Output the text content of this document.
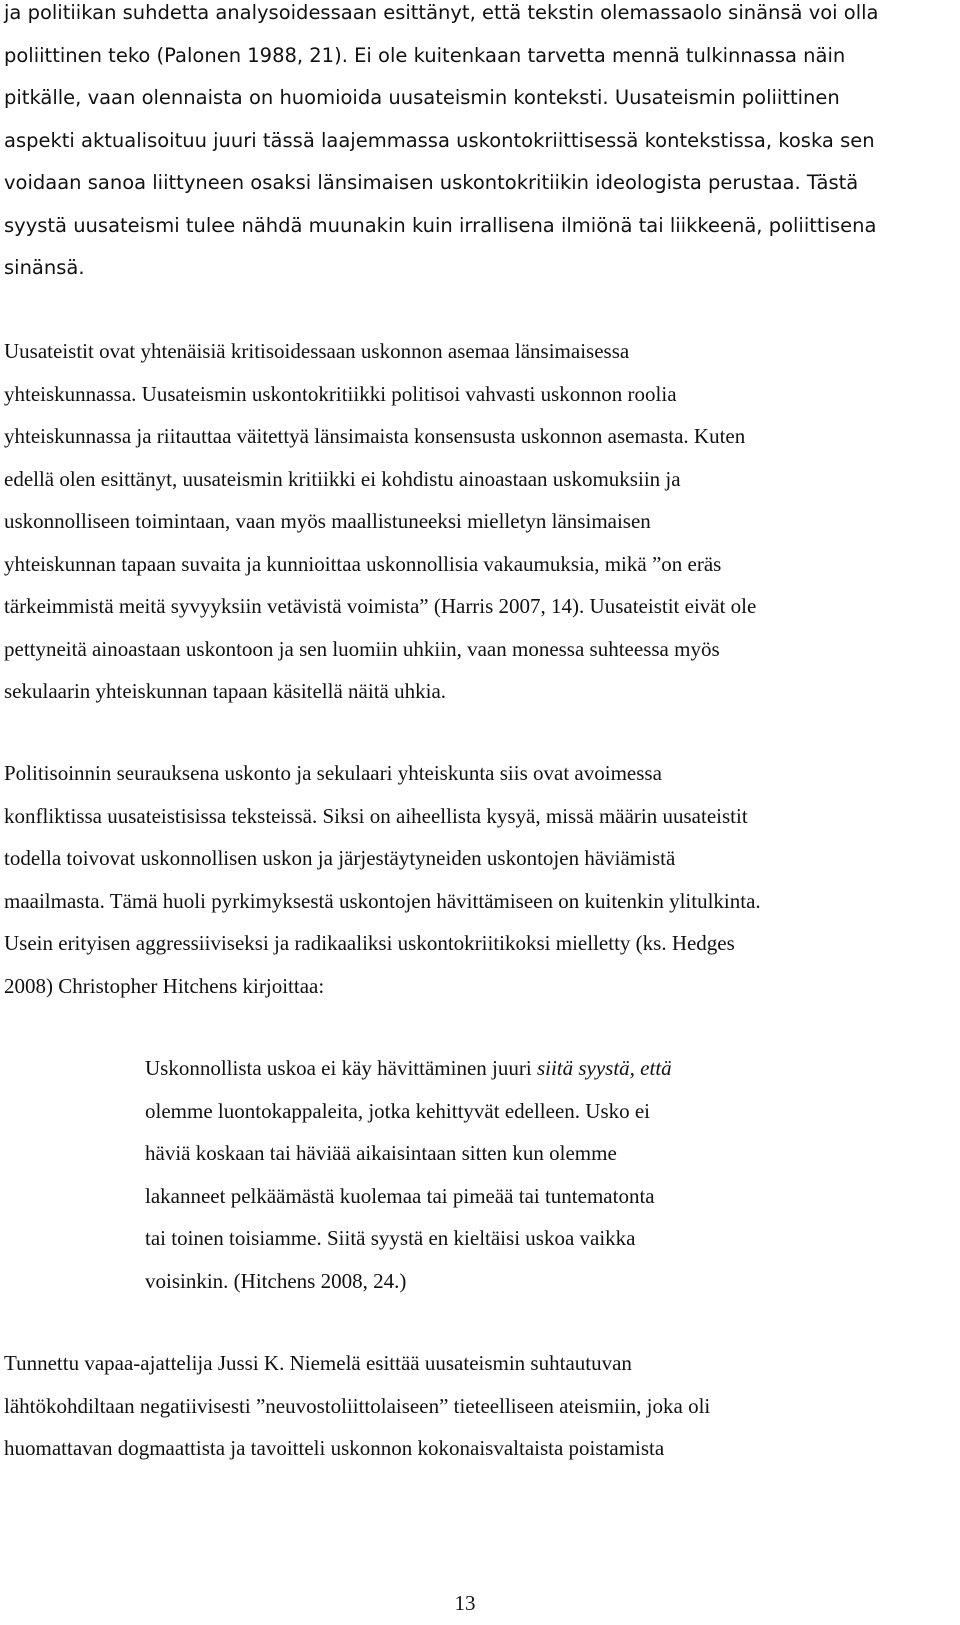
ja politiikan suhdetta analysoidessaan esittänyt, että tekstin olemassaolo sinänsä voi olla
poliittinen teko (Palonen 1988, 21). Ei ole kuitenkaan tarvetta mennä tulkinnassa näin
pitkälle, vaan olennaista on huomioida uusateismin konteksti. Uusateismin poliittinen
aspekti aktualisoituu juuri tässä laajemmassa uskontokriittisessä kontekstissa, koska sen
voidaan sanoa liittyneen osaksi länsimaisen uskontokritiikin ideologista perustaa. Tästä
syystä uusateismi tulee nähdä muunakin kuin irrallisena ilmiönä tai liikkeenä, poliittisena
sinänsä.
Uusateistit ovat yhtenäisiä kritisoidessaan uskonnon asemaa länsimaisessa
yhteiskunnassa. Uusateismin uskontokritiikki politisoi vahvasti uskonnon roolia
yhteiskunnassa ja riitauttaa väitettyä länsimaista konsensusta uskonnon asemasta. Kuten
edellä olen esittänyt, uusateismin kritiikki ei kohdistu ainoastaan uskomuksiin ja
uskonnolliseen toimintaan, vaan myös maallistuneeksi mielletyn länsimaisen
yhteiskunnan tapaan suvaita ja kunnioittaa uskonnollisia vakaumuksia, mikä ”on eräs
tärkeimmistä meitä syvyyksiin vetävistä voimista” (Harris 2007, 14). Uusateistit eivät ole
pettyneitä ainoastaan uskontoon ja sen luomiin uhkiin, vaan monessa suhteessa myös
sekulaarin yhteiskunnan tapaan käsitellä näitä uhkia.
Politisoinnin seurauksena uskonto ja sekulaari yhteiskunta siis ovat avoimessa
konfliktissa uusateistisissa teksteissä. Siksi on aiheellista kysyä, missä määrin uusateistit
todella toivovat uskonnollisen uskon ja järjestäytyneiden uskontojen häviämistä
maailmasta. Tämä huoli pyrkimyksestä uskontojen hävittämiseen on kuitenkin ylitulkinta.
Usein erityisen aggressiiviseksi ja radikaaliksi uskontokriitikoksi mielletty (ks. Hedges
2008) Christopher Hitchens kirjoittaa:
Uskonnollista uskoa ei käy hävittäminen juuri siitä syystä, että
olemme luontokappaleita, jotka kehittyvät edelleen. Usko ei
häviä koskaan tai häviää aikaisintaan sitten kun olemme
lakanneet pelkäämästä kuolemaa tai pimeää tai tuntematonta
tai toinen toisiamme. Siitä syystä en kieltäisi uskoa vaikka
voisinkin. (Hitchens 2008, 24.)
Tunnettu vapaa-ajattelija Jussi K. Niemelä esittää uusateismin suhtautuvan
lähtökohdiltaan negatiivisesti ”neuvostoliittolaiseen” tieteelliseen ateismiin, joka oli
huomattavan dogmaattista ja tavoitteli uskonnon kokonaisvaltaista poistamista
13
